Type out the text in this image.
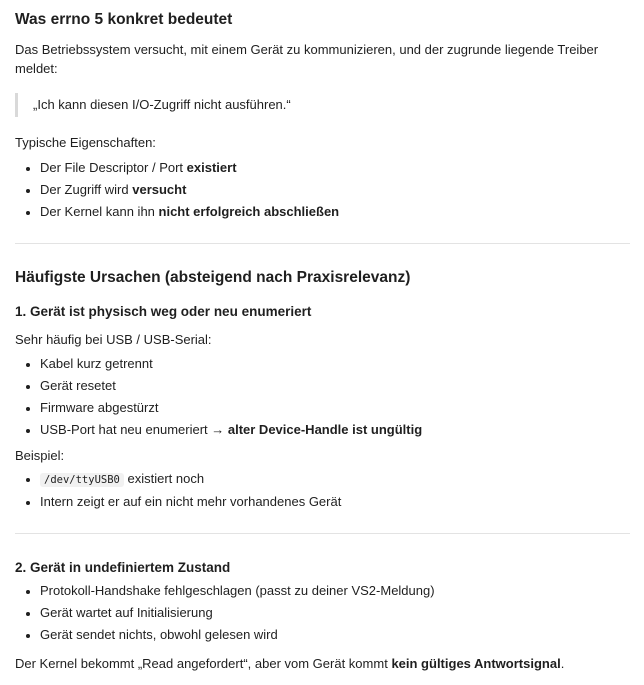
Was errno 5 konkret bedeutet

Das Betriebssystem versucht, mit einem Gerät zu kommunizieren, und der zugrunde liegende Treiber meldet:

„Ich kann diesen I/O-Zugriff nicht ausführen.“

Typische Eigenschaften:

• Der File Descriptor / Port existiert
• Der Zugriff wird versucht
• Der Kernel kann ihn nicht erfolgreich abschließen
Häufigste Ursachen (absteigend nach Praxisrelevanz)
1. Gerät ist physisch weg oder neu enumeriert

Sehr häufig bei USB / USB-Serial:

• Kabel kurz getrennt
• Gerät resetet
• Firmware abgestürzt
• USB-Port hat neu enumeriert → alter Device-Handle ist ungültig

Beispiel:

• /dev/ttyUSB0 existiert noch
• Intern zeigt er auf ein nicht mehr vorhandenes Gerät
2. Gerät in undefiniertem Zustand
• Protokoll-Handshake fehlgeschlagen (passt zu deiner VS2-Meldung)
• Gerät wartet auf Initialisierung
• Gerät sendet nichts, obwohl gelesen wird

Der Kernel bekommt „Read angefordert“, aber vom Gerät kommt kein gültiges Antwortsignal.
